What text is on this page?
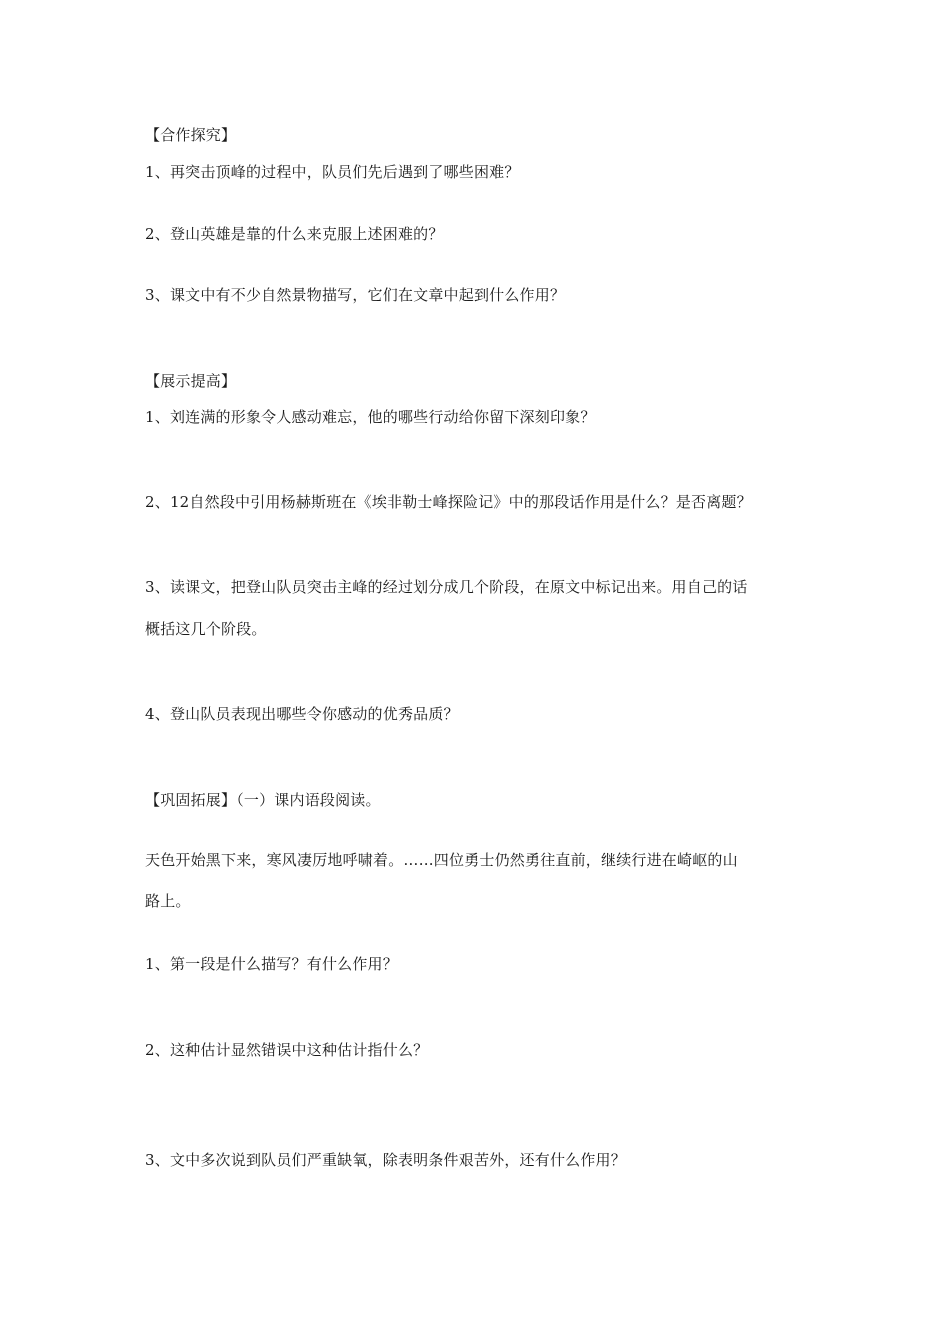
【合作探究】
1、再突击顶峰的过程中，队员们先后遇到了哪些困难？
2、登山英雄是靠的什么来克服上述困难的？
3、课文中有不少自然景物描写，它们在文章中起到什么作用？
【展示提高】
1、刘连满的形象令人感动难忘，他的哪些行动给你留下深刻印象？
2、12自然段中引用杨赫斯班在《埃非勒士峰探险记》中的那段话作用是什么？是否离题？
3、读课文，把登山队员突击主峰的经过划分成几个阶段，在原文中标记出来。用自己的话
概括这几个阶段。
4、登山队员表现出哪些令你感动的优秀品质？
【巩固拓展】（一）课内语段阅读。
天色开始黑下来，寒风凄厉地呼啸着。……四位勇士仍然勇往直前，继续行进在崎岖的山
路上。
1、第一段是什么描写？有什么作用？
2、这种估计显然错误中这种估计指什么？
3、文中多次说到队员们严重缺氧，除表明条件艰苦外，还有什么作用？
